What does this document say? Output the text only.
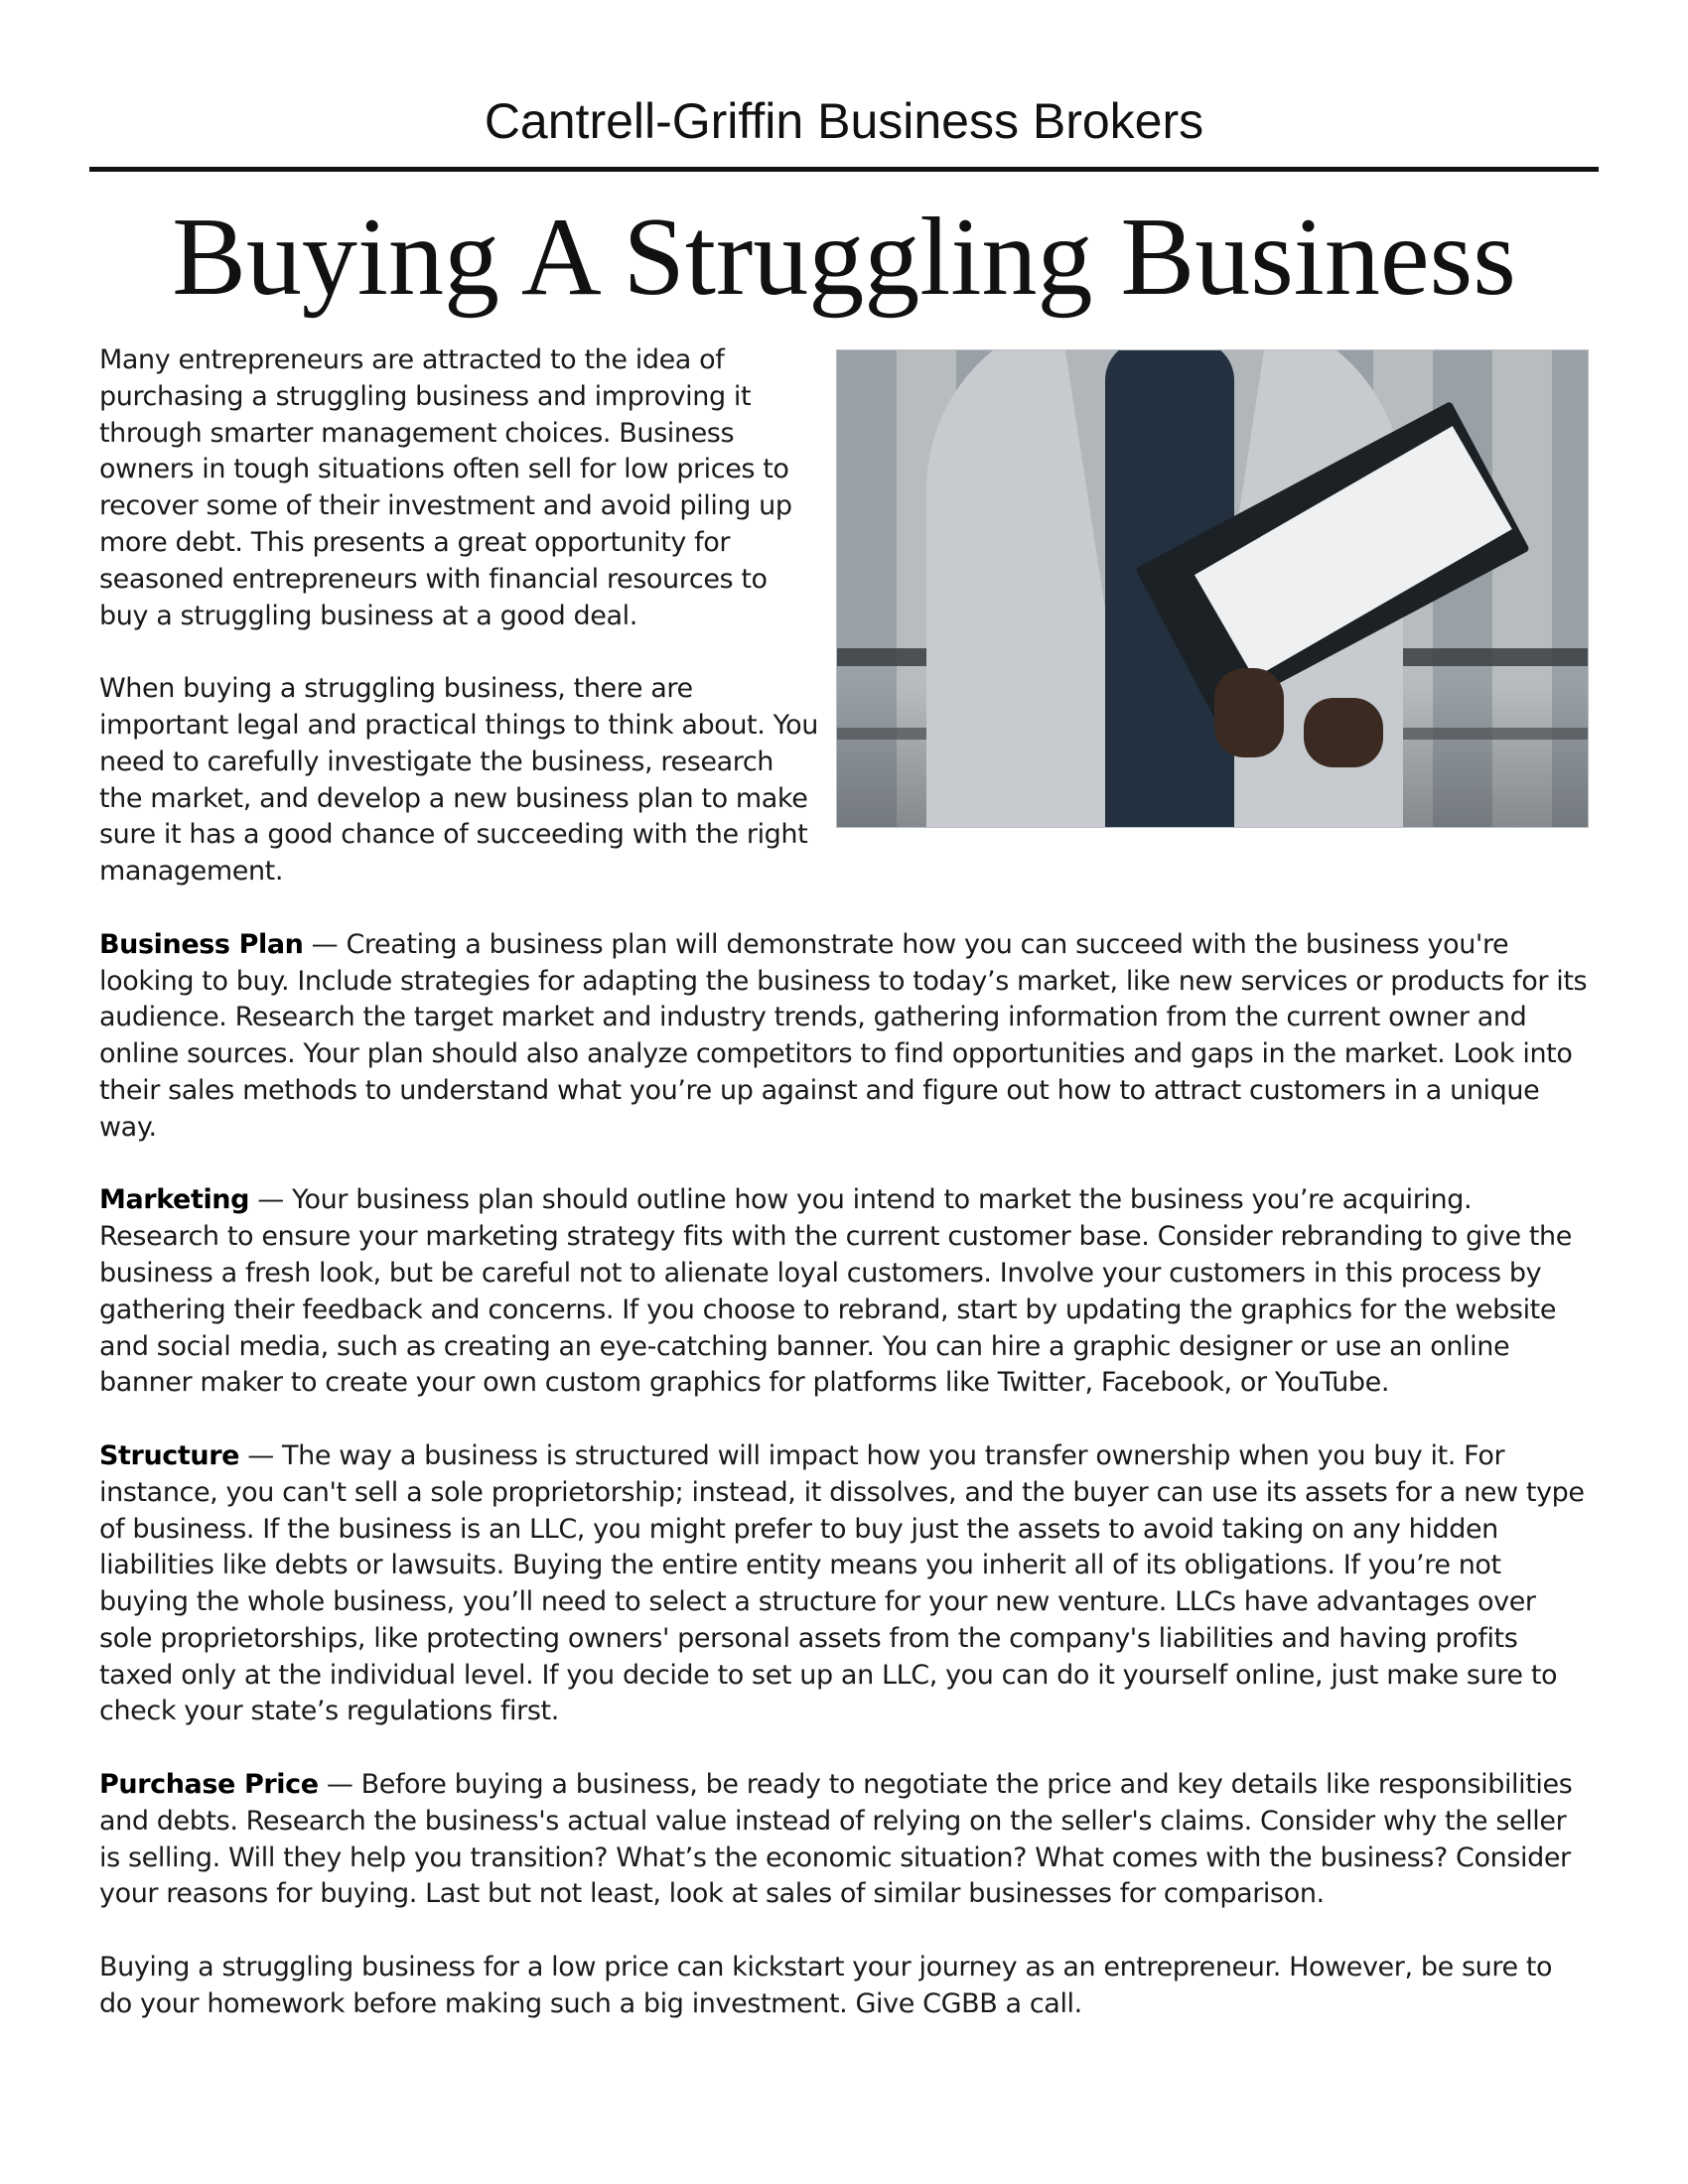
Cantrell-Griffin Business Brokers
Buying A Struggling Business

Many entrepreneurs are attracted to the idea of purchasing a struggling business and improving it through smarter management choices. Business owners in tough situations often sell for low prices to recover some of their investment and avoid piling up more debt. This presents a great opportunity for seasoned entrepreneurs with financial resources to buy a struggling business at a good deal.

When buying a struggling business, there are important legal and practical things to think about. You need to carefully investigate the business, research the market, and develop a new business plan to make sure it has a good chance of succeeding with the right management.

Business Plan — Creating a business plan will demonstrate how you can succeed with the business you're looking to buy. Include strategies for adapting the business to today’s market, like new services or products for its audience. Research the target market and industry trends, gathering information from the current owner and online sources. Your plan should also analyze competitors to find opportunities and gaps in the market. Look into their sales methods to understand what you’re up against and figure out how to attract customers in a unique way.

Marketing — Your business plan should outline how you intend to market the business you’re acquiring. Research to ensure your marketing strategy fits with the current customer base. Consider rebranding to give the business a fresh look, but be careful not to alienate loyal customers. Involve your customers in this process by gathering their feedback and concerns. If you choose to rebrand, start by updating the graphics for the website and social media, such as creating an eye-catching banner. You can hire a graphic designer or use an online banner maker to create your own custom graphics for platforms like Twitter, Facebook, or YouTube.

Structure — The way a business is structured will impact how you transfer ownership when you buy it. For instance, you can't sell a sole proprietorship; instead, it dissolves, and the buyer can use its assets for a new type of business. If the business is an LLC, you might prefer to buy just the assets to avoid taking on any hidden liabilities like debts or lawsuits. Buying the entire entity means you inherit all of its obligations. If you’re not buying the whole business, you’ll need to select a structure for your new venture. LLCs have advantages over sole proprietorships, like protecting owners' personal assets from the company's liabilities and having profits taxed only at the individual level. If you decide to set up an LLC, you can do it yourself online, just make sure to check your state’s regulations first.

Purchase Price — Before buying a business, be ready to negotiate the price and key details like responsibilities and debts. Research the business's actual value instead of relying on the seller's claims. Consider why the seller is selling. Will they help you transition? What’s the economic situation? What comes with the business? Consider your reasons for buying. Last but not least, look at sales of similar businesses for comparison.

Buying a struggling business for a low price can kickstart your journey as an entrepreneur. However, be sure to do your homework before making such a big investment. Give CGBB a call.
